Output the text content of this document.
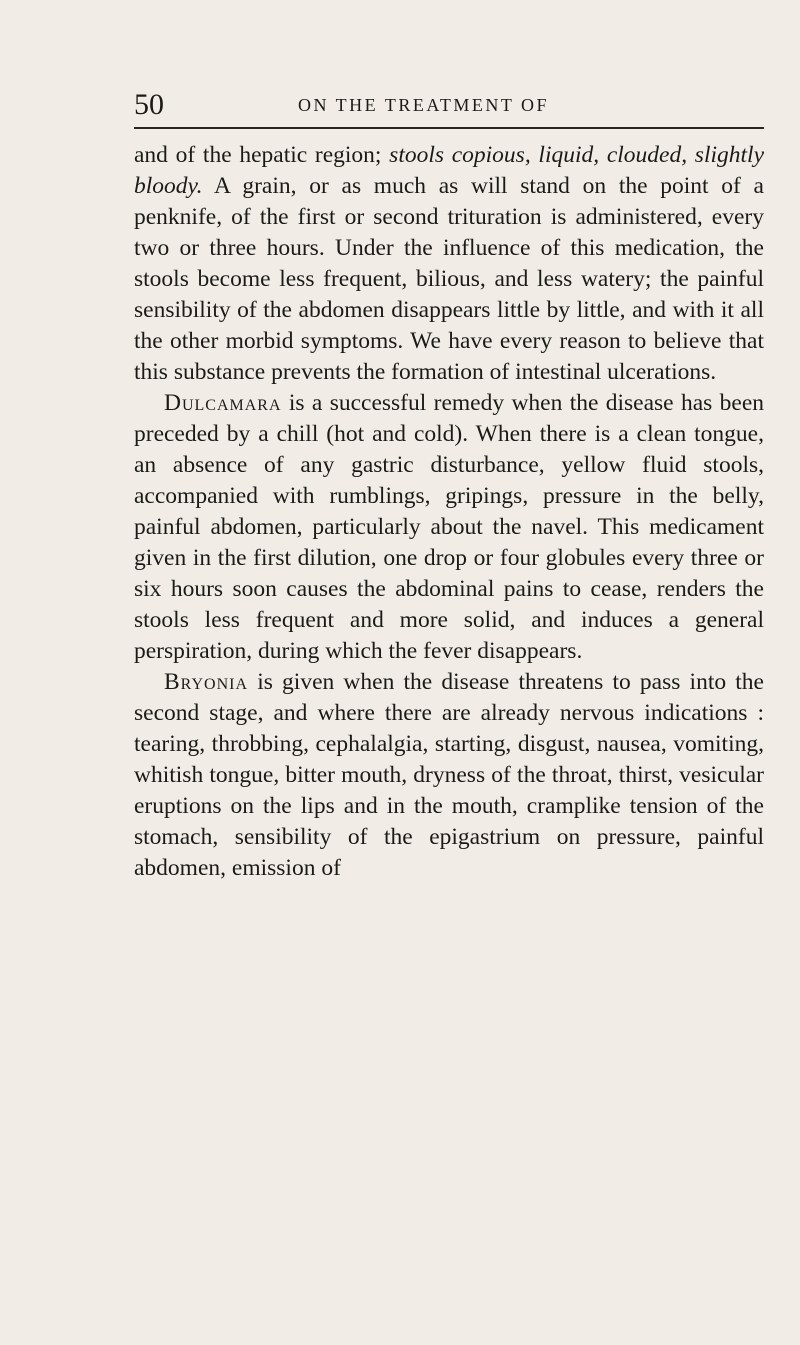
50	ON THE TREATMENT OF

and of the hepatic region; stools copious, liquid, clouded, slightly bloody. A grain, or as much as will stand on the point of a penknife, of the first or second trituration is administered, every two or three hours. Under the influence of this medication, the stools become less frequent, bilious, and less watery; the painful sensibility of the abdomen disappears little by little, and with it all the other morbid symptoms. We have every reason to believe that this substance prevents the formation of intestinal ulcerations.

Dulcamara is a successful remedy when the disease has been preceded by a chill (hot and cold). When there is a clean tongue, an absence of any gastric disturbance, yellow fluid stools, accompanied with rumblings, gripings, pressure in the belly, painful abdomen, particularly about the navel. This medicament given in the first dilution, one drop or four globules every three or six hours soon causes the abdominal pains to cease, renders the stools less frequent and more solid, and induces a general perspiration, during which the fever disappears.

Bryonia is given when the disease threatens to pass into the second stage, and where there are already nervous indications : tearing, throbbing, cephalalgia, starting, disgust, nausea, vomiting, whitish tongue, bitter mouth, dryness of the throat, thirst, vesicular eruptions on the lips and in the mouth, cramplike tension of the stomach, sensibility of the epigastrium on pressure, painful abdomen, emission of
